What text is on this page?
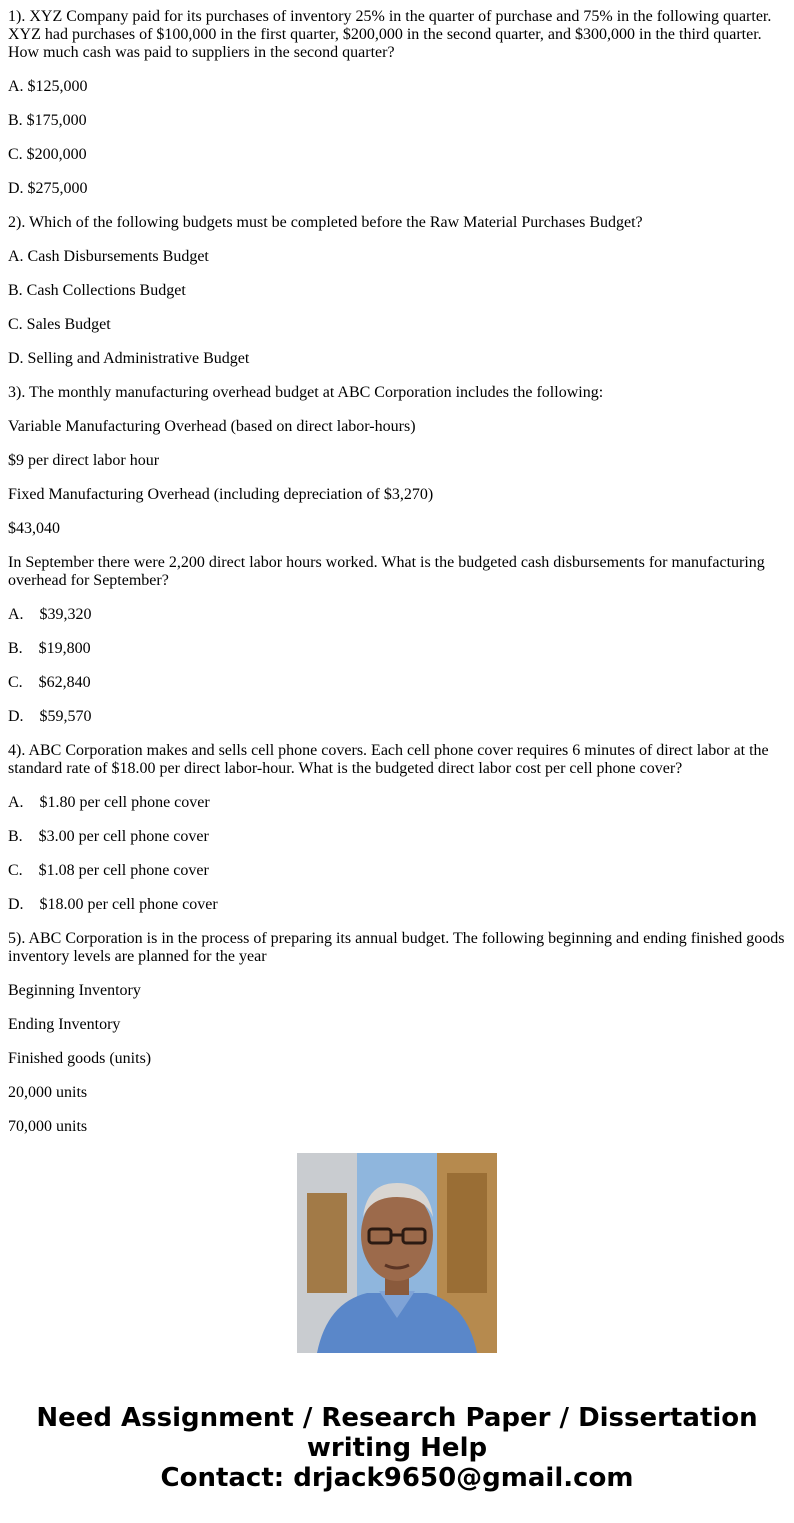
1). XYZ Company paid for its purchases of inventory 25% in the quarter of purchase and 75% in the following quarter. XYZ had purchases of $100,000 in the first quarter, $200,000 in the second quarter, and $300,000 in the third quarter. How much cash was paid to suppliers in the second quarter?

A. $125,000

B. $175,000

C. $200,000

D. $275,000

2). Which of the following budgets must be completed before the Raw Material Purchases Budget?

A. Cash Disbursements Budget

B. Cash Collections Budget

C. Sales Budget

D. Selling and Administrative Budget

3). The monthly manufacturing overhead budget at ABC Corporation includes the following:

Variable Manufacturing Overhead (based on direct labor-hours)

$9 per direct labor hour

Fixed Manufacturing Overhead (including depreciation of $3,270)

$43,040

In September there were 2,200 direct labor hours worked. What is the budgeted cash disbursements for manufacturing overhead for September?

A.    $39,320

B.    $19,800

C.    $62,840

D.    $59,570

4). ABC Corporation makes and sells cell phone covers. Each cell phone cover requires 6 minutes of direct labor at the standard rate of $18.00 per direct labor-hour. What is the budgeted direct labor cost per cell phone cover?

A.    $1.80 per cell phone cover

B.    $3.00 per cell phone cover

C.    $1.08 per cell phone cover

D.    $18.00 per cell phone cover

5). ABC Corporation is in the process of preparing its annual budget. The following beginning and ending finished goods inventory levels are planned for the year

Beginning Inventory

Ending Inventory

Finished goods (units)

20,000 units

70,000 units

Need Assignment / Research Paper / Dissertation
writing Help
Contact: drjack9650@gmail.com
